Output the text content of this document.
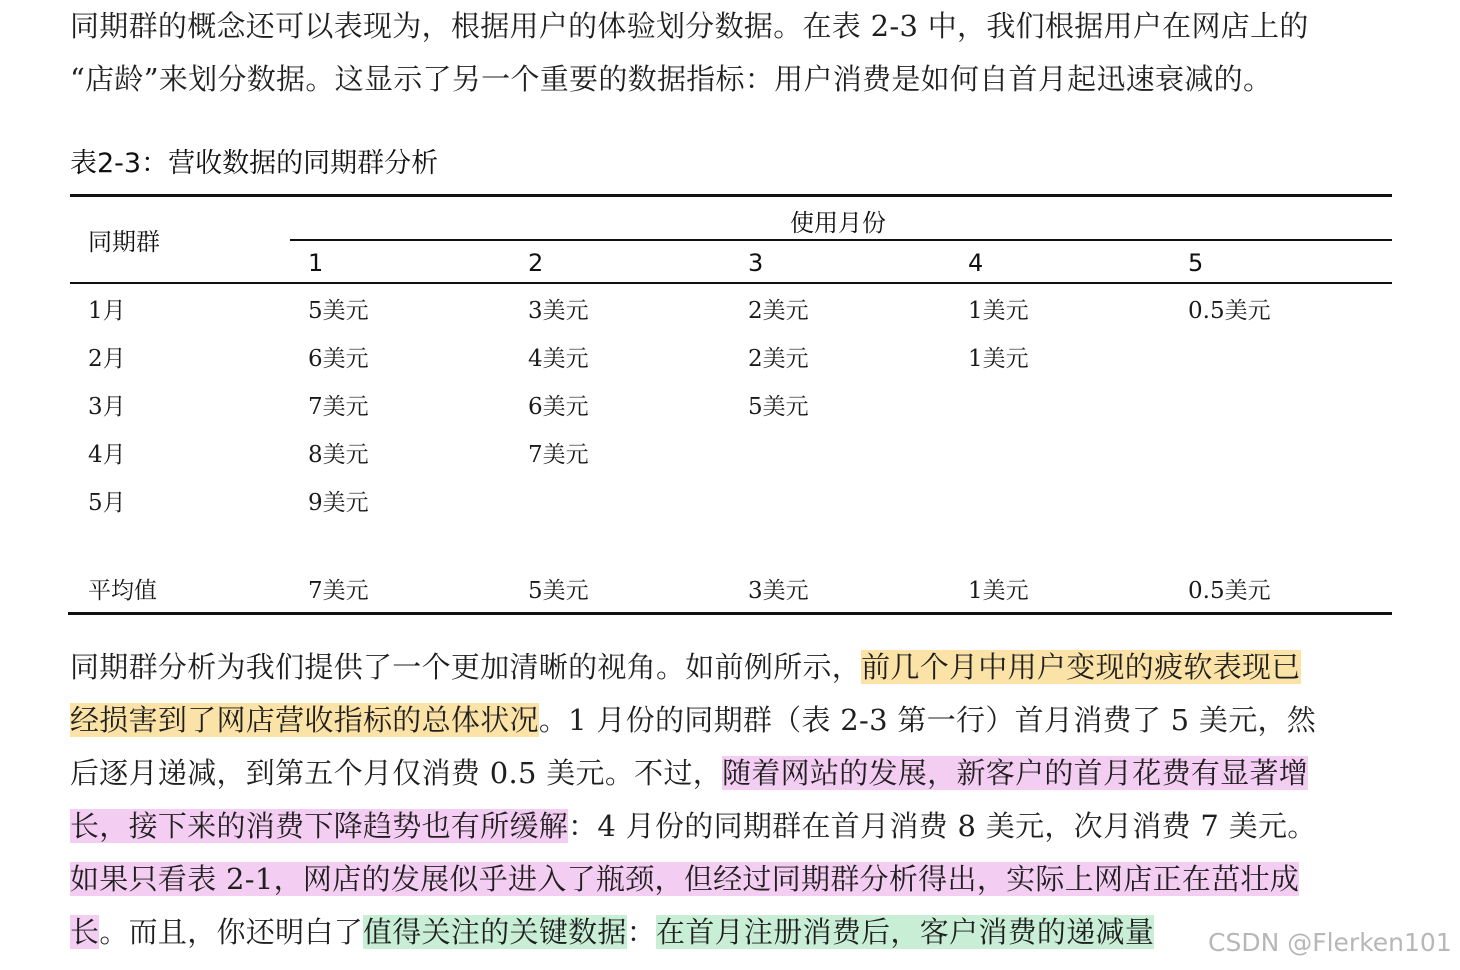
同期群的概念还可以表现为，根据用户的体验划分数据。在表 2-3 中，我们根据用户在网店上的
“店龄”来划分数据。这显示了另一个重要的数据指标：用户消费是如何自首月起迅速衰减的。

表2-3：营收数据的同期群分析
同期群
使用月份
1	2	3	4	5
1月	5美元	3美元	2美元	1美元	0.5美元
2月	6美元	4美元	2美元	1美元
3月	7美元	6美元	5美元
4月	8美元	7美元
5月	9美元
平均值	7美元	5美元	3美元	1美元	0.5美元

同期群分析为我们提供了一个更加清晰的视角。如前例所示，前几个月中用户变现的疲软表现已
经损害到了网店营收指标的总体状况。1 月份的同期群（表 2-3 第一行）首月消费了 5 美元，然
后逐月递减，到第五个月仅消费 0.5 美元。不过，随着网站的发展，新客户的首月花费有显著增
长，接下来的消费下降趋势也有所缓解：4 月份的同期群在首月消费 8 美元，次月消费 7 美元。
如果只看表 2-1，网店的发展似乎进入了瓶颈，但经过同期群分析得出，实际上网店正在茁壮成
长。而且，你还明白了值得关注的关键数据：在首月注册消费后，客户消费的递减量	CSDN @Flerken101
